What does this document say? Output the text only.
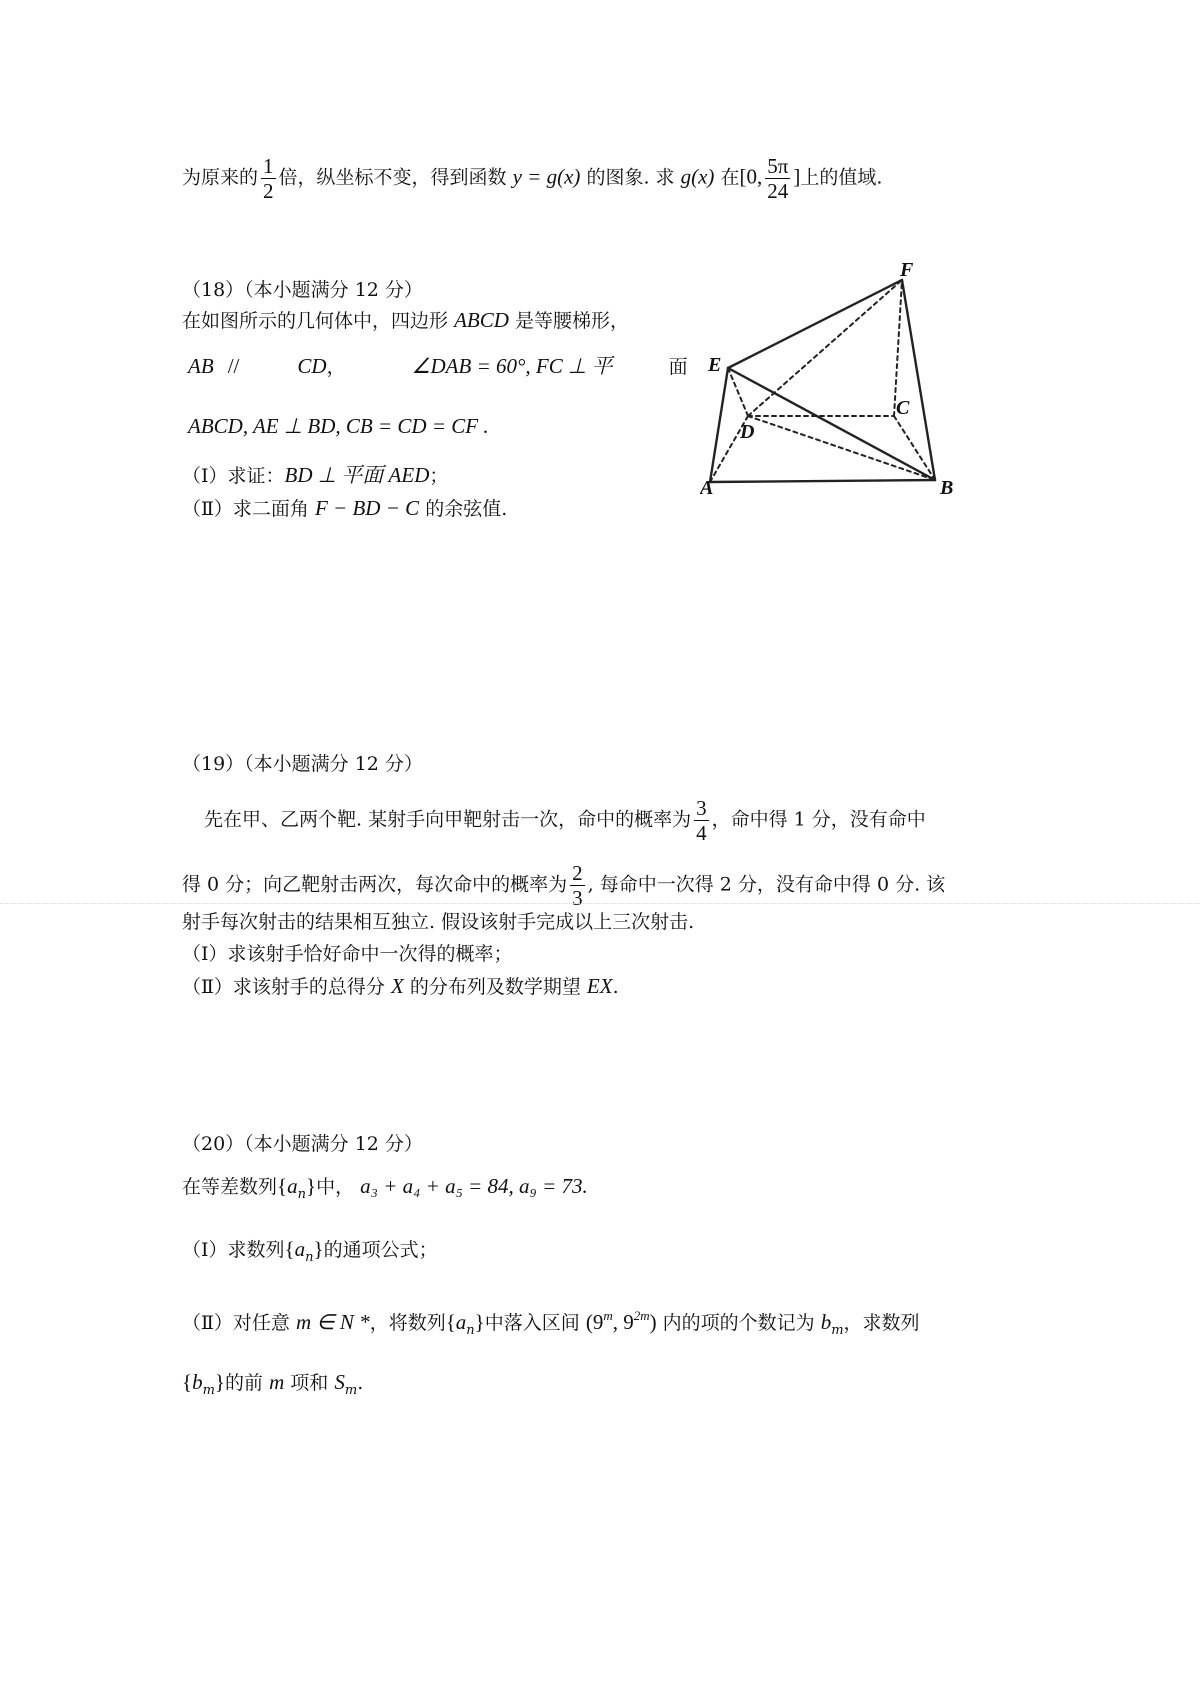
为原来的 $\frac{1}{2}$ 倍，纵坐标不变，得到函数 y = g(x) 的图象. 求 g(x) 在[0, $\frac{5\pi}{24}$ ]上的值域.
（18）（本小题满分 12 分）
在如图所示的几何体中，四边形 ABCD 是等腰梯形，
AB //	CD，	∠DAB = 60°, FC ⊥ 平	面
ABCD, AE ⊥ BD, CB = CD = CF .
（Ⅰ）求证：BD ⊥ 平面 AED；
（Ⅱ）求二面角 F − BD − C 的余弦值.
A	B
C
D
E
F
（19）（本小题满分 12 分）
先在甲、乙两个靶. 某射手向甲靶射击一次，命中的概率为 $\frac{3}{4}$ ，命中得 1 分，没有命中
得 0 分；向乙靶射击两次，每次命中的概率为 $\frac{2}{3}$ , 每命中一次得 2 分，没有命中得 0 分. 该
射手每次射击的结果相互独立. 假设该射手完成以上三次射击.
（Ⅰ）求该射手恰好命中一次得的概率；
（Ⅱ）求该射手的总得分 X 的分布列及数学期望 EX.
（20）（本小题满分 12 分）
在等差数列$\{a_n\}$中， a₃ + a₄ + a₅ = 84, a₉ = 73.
（Ⅰ）求数列$\{a_n\}$的通项公式；
（Ⅱ）对任意 m ∈ N *，将数列$\{a_n\}$中落入区间 (9$^m$, $9^{2m}$) 内的项的个数记为 $b_m$，求数列
$\{b_m\}$的前 m 项和 $S_m$.
